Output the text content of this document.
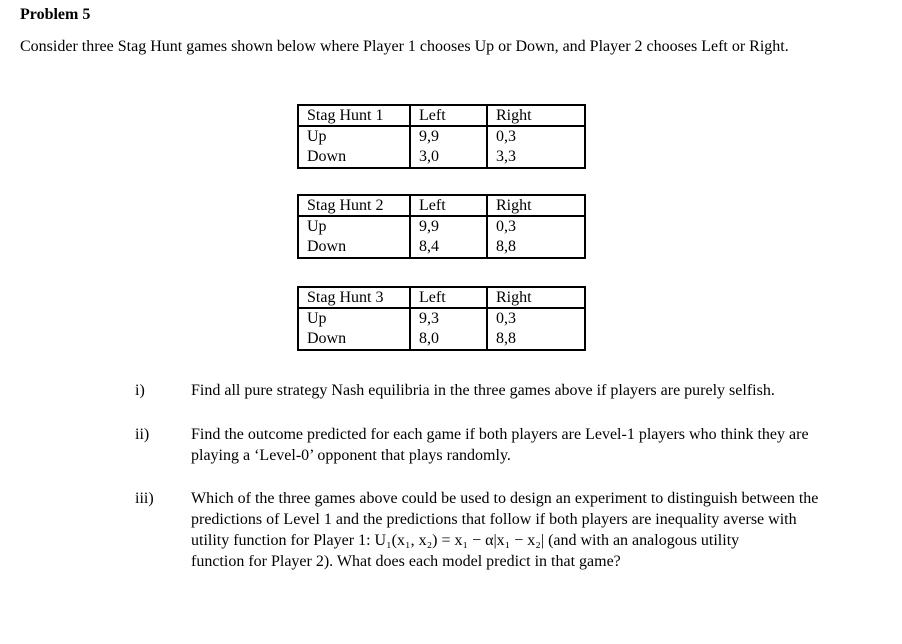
Problem 5
Consider three Stag Hunt games shown below where Player 1 chooses Up or Down, and Player 2 chooses Left or Right.
Stag Hunt 1	Left	Right
Up	9,9	0,3
Down	3,0	3,3
Stag Hunt 2	Left	Right
Up	9,9	0,3
Down	8,4	8,8
Stag Hunt 3	Left	Right
Up	9,3	0,3
Down	8,0	8,8
i)	Find all pure strategy Nash equilibria in the three games above if players are purely selfish.
ii)	Find the outcome predicted for each game if both players are Level-1 players who think they are
playing a ‘Level-0’ opponent that plays randomly.
iii) Which of the three games above could be used to design an experiment to distinguish between the
predictions of Level 1 and the predictions that follow if both players are inequality averse with
utility function for Player 1: U₁(x₁, x₂) = x₁ − α|x₁ − x₂| (and with an analogous utility
function for Player 2). What does each model predict in that game?
